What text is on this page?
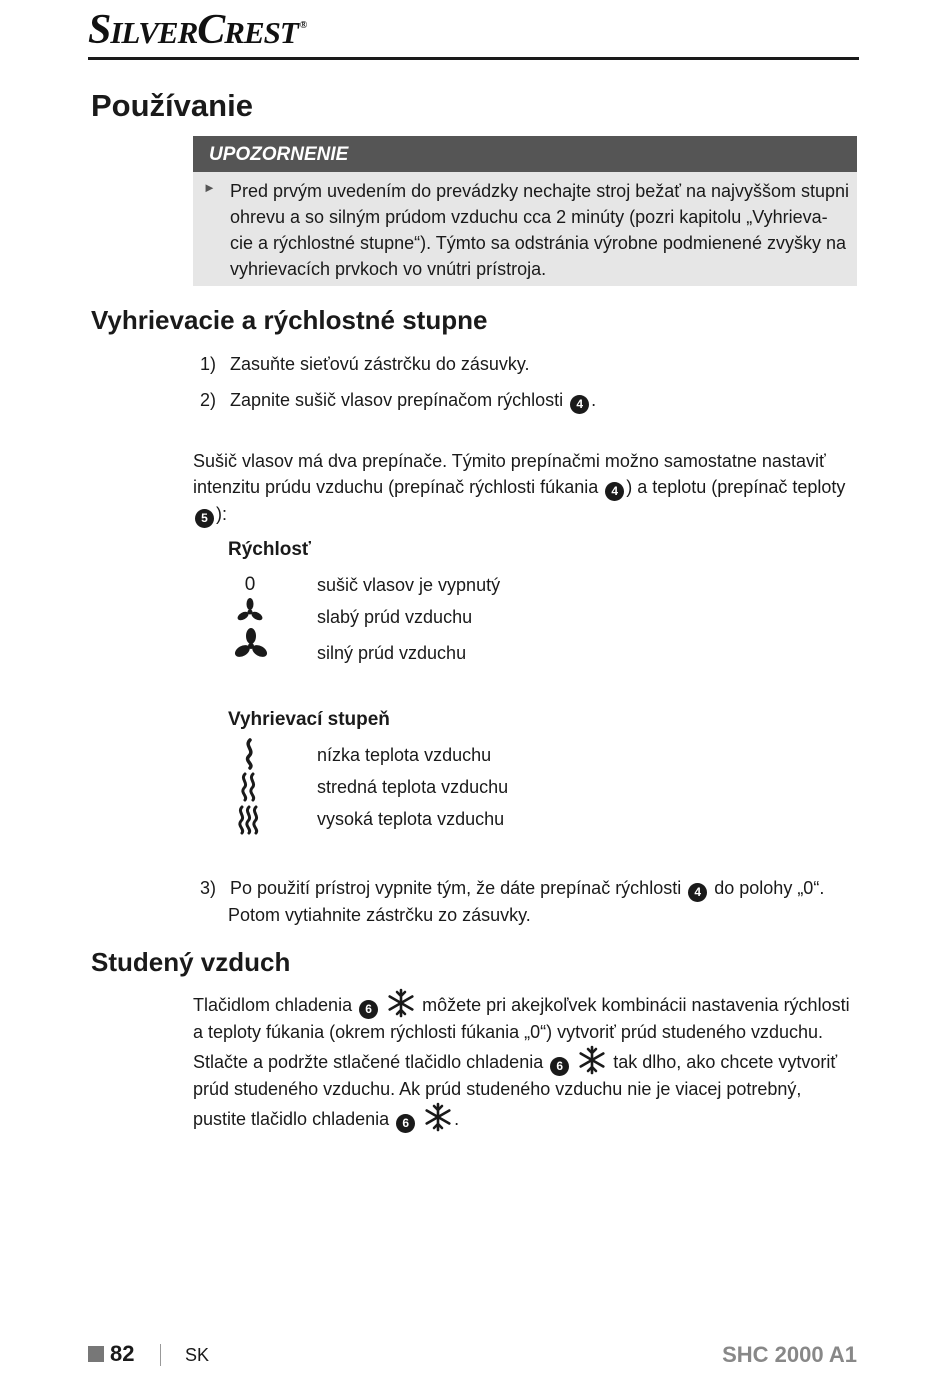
SILVERCREST ®
Používanie
UPOZORNENIE
► Pred prvým uvedením do prevádzky nechajte stroj bežať na najvyššom stupni ohrevu a so silným prúdom vzduchu cca 2 minúty (pozri kapitolu „Vyhrieva-cie a rýchlostné stupne“). Týmto sa odstránia výrobne podmienené zvyšky na vyhrievacích prvkoch vo vnútri prístroja.
Vyhrievacie a rýchlostné stupne
1) Zasuňte sieťovú zástrčku do zásuvky.
2) Zapnite sušič vlasov prepínačom rýchlosti 4 .
Sušič vlasov má dva prepínače. Týmito prepínačmi možno samostatne nastaviť intenzitu prúdu vzduchu (prepínač rýchlosti fúkania 4 ) a teplotu (prepínač teploty 5 ):
Rýchlosť
0	sušič vlasov je vypnutý
slabý prúd vzduchu
silný prúd vzduchu
Vyhrievací stupeň
nízka teplota vzduchu
stredná teplota vzduchu
vysoká teplota vzduchu
3) Po použití prístroj vypnite tým, že dáte prepínač rýchlosti 4 do polohy „0“.
Potom vytiahnite zástrčku zo zásuvky.
Studený vzduch
Tlačidlom chladenia 6	môžete pri akejkoľvek kombinácii nastavenia rýchlosti a teploty fúkania (okrem rýchlosti fúkania „0“) vytvoriť prúd studeného vzduchu. Stlačte a podržte stlačené tlačidlo chladenia 6	tak dlho, ako chcete vytvoriť prúd studeného vzduchu. Ak prúd studeného vzduchu nie je viacej potrebný, pustite tlačidlo chladenia 6	.
82	SK	SHC 2000 A1
